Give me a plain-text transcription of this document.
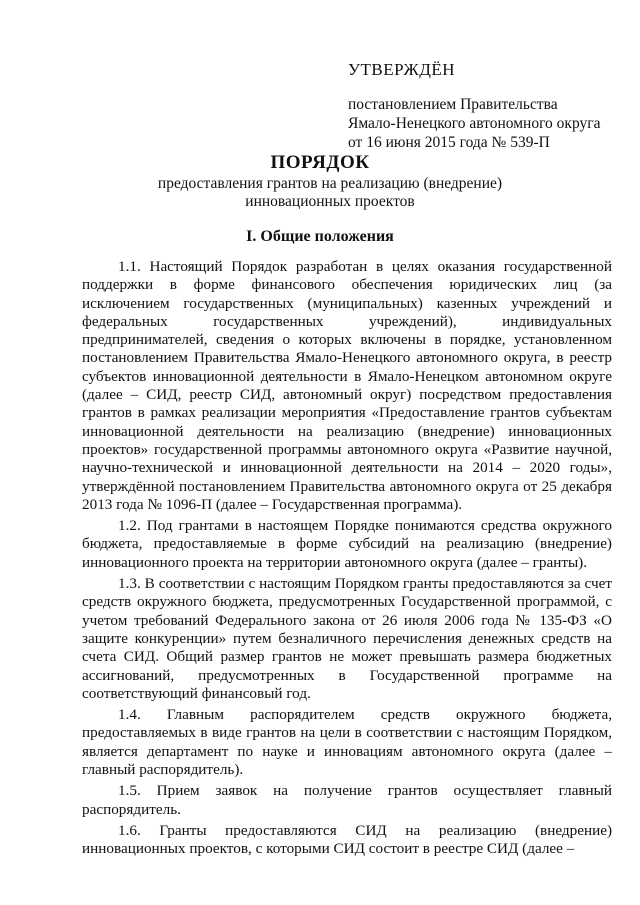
УТВЕРЖДЁН
постановлением Правительства
Ямало-Ненецкого автономного округа
от 16 июня 2015 года № 539-П
ПОРЯДОК
предоставления грантов на реализацию (внедрение) инновационных проектов
I. Общие положения

1.1. Настоящий Порядок разработан в целях оказания государственной поддержки в форме финансового обеспечения юридических лиц (за исключением государственных (муниципальных) казенных учреждений и федеральных государственных учреждений), индивидуальных предпринимателей, сведения о которых включены в порядке, установленном постановлением Правительства Ямало-Ненецкого автономного округа, в реестр субъектов инновационной деятельности в Ямало-Ненецком автономном округе (далее – СИД, реестр СИД, автономный округ) посредством предоставления грантов в рамках реализации мероприятия «Предоставление грантов субъектам инновационной деятельности на реализацию (внедрение) инновационных проектов» государственной программы автономного округа «Развитие научной, научно-технической и инновационной деятельности на 2014 – 2020 годы», утверждённой постановлением Правительства автономного округа от 25 декабря 2013 года № 1096-П (далее – Государственная программа).

1.2. Под грантами в настоящем Порядке понимаются средства окружного бюджета, предоставляемые в форме субсидий на реализацию (внедрение) инновационного проекта на территории автономного округа (далее – гранты).

1.3. В соответствии с настоящим Порядком гранты предоставляются за счет средств окружного бюджета, предусмотренных Государственной программой, с учетом требований Федерального закона от 26 июля 2006 года № 135-ФЗ «О защите конкуренции» путем безналичного перечисления денежных средств на счета СИД. Общий размер грантов не может превышать размера бюджетных ассигнований, предусмотренных в Государственной программе на соответствующий финансовый год.

1.4. Главным распорядителем средств окружного бюджета, предоставляемых в виде грантов на цели в соответствии с настоящим Порядком, является департамент по науке и инновациям автономного округа (далее – главный распорядитель).

1.5. Прием заявок на получение грантов осуществляет главный распорядитель.

1.6. Гранты предоставляются СИД на реализацию (внедрение) инновационных проектов, с которыми СИД состоит в реестре СИД (далее –
